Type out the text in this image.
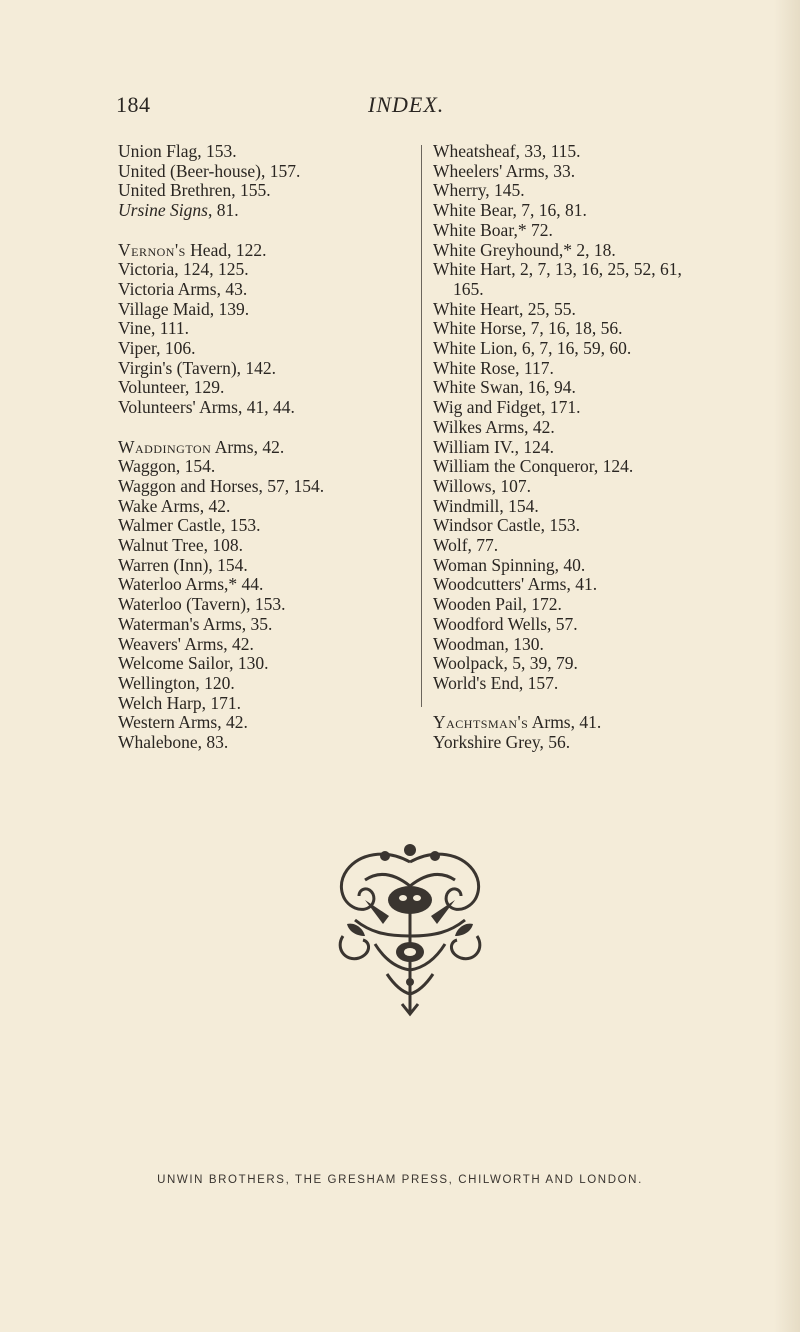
184	INDEX.
Union Flag, 153.
United (Beer-house), 157.
United Brethren, 155.
Ursine Signs, 81.
Vernon's Head, 122.
Victoria, 124, 125.
Victoria Arms, 43.
Village Maid, 139.
Vine, 111.
Viper, 106.
Virgin's (Tavern), 142.
Volunteer, 129.
Volunteers' Arms, 41, 44.
Waddington Arms, 42.
Waggon, 154.
Waggon and Horses, 57, 154.
Wake Arms, 42.
Walmer Castle, 153.
Walnut Tree, 108.
Warren (Inn), 154.
Waterloo Arms,* 44.
Waterloo (Tavern), 153.
Waterman's Arms, 35.
Weavers' Arms, 42.
Welcome Sailor, 130.
Wellington, 120.
Welch Harp, 171.
Western Arms, 42.
Whalebone, 83.
Wheatsheaf, 33, 115.
Wheelers' Arms, 33.
Wherry, 145.
White Bear, 7, 16, 81.
White Boar,* 72.
White Greyhound,* 2, 18.
White Hart, 2, 7, 13, 16, 25, 52, 61,
165.
White Heart, 25, 55.
White Horse, 7, 16, 18, 56.
White Lion, 6, 7, 16, 59, 60.
White Rose, 117.
White Swan, 16, 94.
Wig and Fidget, 171.
Wilkes Arms, 42.
William IV., 124.
William the Conqueror, 124.
Willows, 107.
Windmill, 154.
Windsor Castle, 153.
Wolf, 77.
Woman Spinning, 40.
Woodcutters' Arms, 41.
Wooden Pail, 172.
Woodford Wells, 57.
Woodman, 130.
Woolpack, 5, 39, 79.
World's End, 157.
Yachtsman's Arms, 41.
Yorkshire Grey, 56.
UNWIN BROTHERS, THE GRESHAM PRESS, CHILWORTH AND LONDON.
